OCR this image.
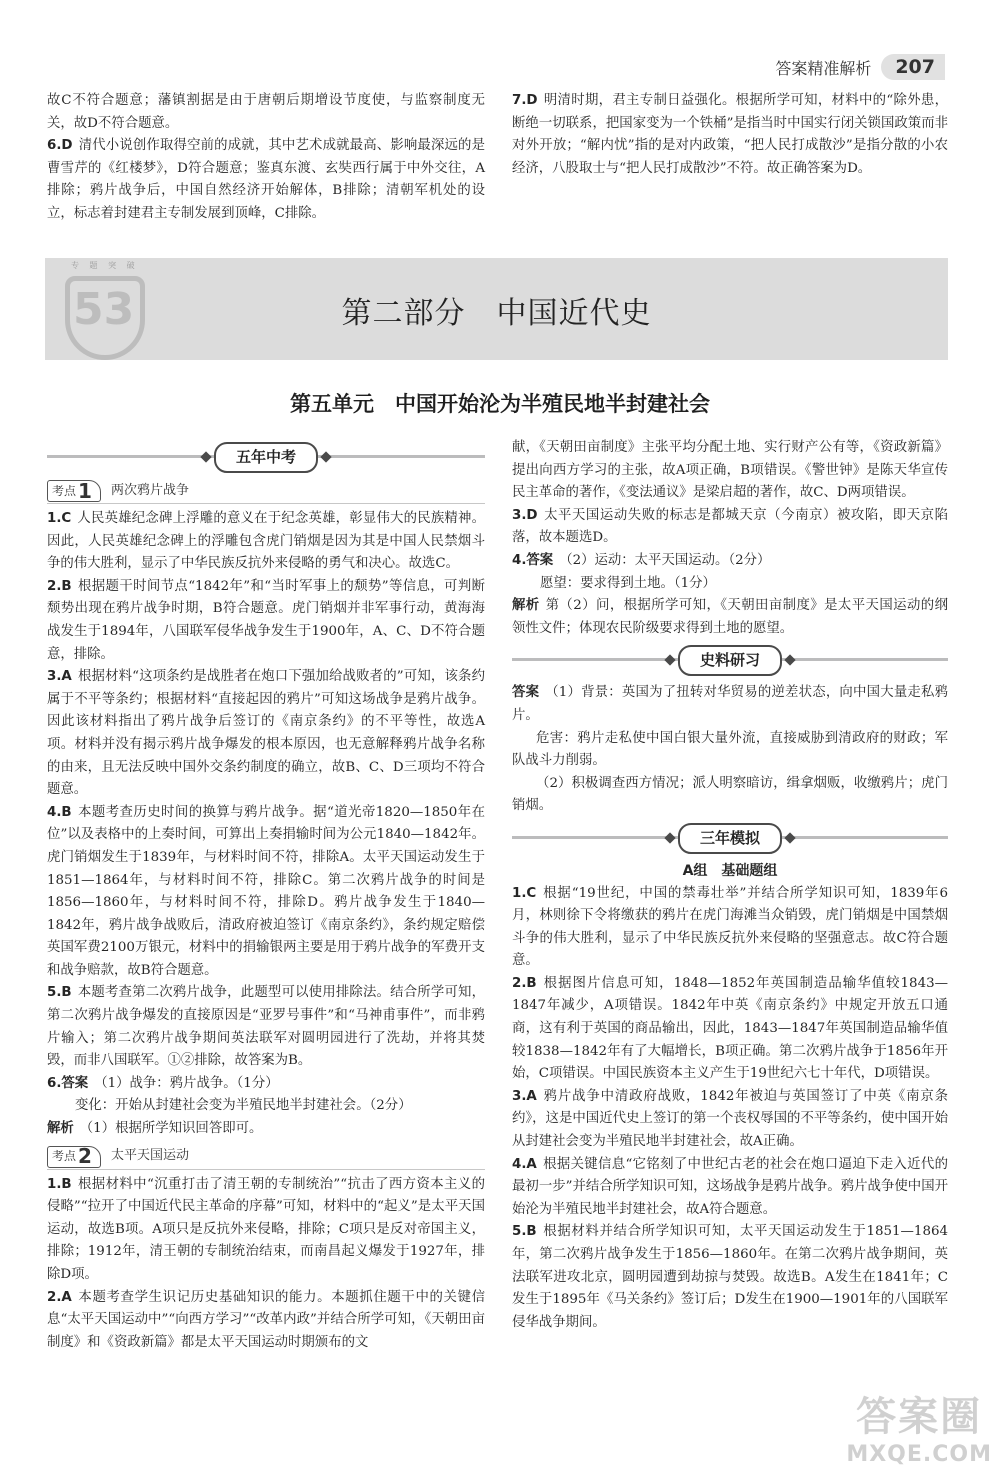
答案精准解析	207

故C不符合题意；藩镇割据是由于唐朝后期增设节度使，与监察制度无关，故D不符合题意。

6.D 清代小说创作取得空前的成就，其中艺术成就最高、影响最深远的是曹雪芹的《红楼梦》，D符合题意；鉴真东渡、玄奘西行属于中外交往，A排除；鸦片战争后，中国自然经济开始解体，B排除；清朝军机处的设立，标志着封建君主专制发展到顶峰，C排除。

7.D 明清时期，君主专制日益强化。根据所学可知，材料中的“除外患，断绝一切联系，把国家变为一个铁桶”是指当时中国实行闭关锁国政策而非对外开放；“解内忧”指的是对内政策，“把人民打成散沙”是指分散的小农经济，八股取士与“把人民打成散沙”不符。故正确答案为D。

专 题 突 破
53	第二部分　中国近代史
第五单元　中国开始沦为半殖民地半封建社会
五年中考
考点 1 两次鸦片战争

1.C 人民英雄纪念碑上浮雕的意义在于纪念英雄，彰显伟大的民族精神。因此，人民英雄纪念碑上的浮雕包含虎门销烟是因为其是中国人民禁烟斗争的伟大胜利，显示了中华民族反抗外来侵略的勇气和决心。故选C。

2.B 根据题干时间节点“1842年”和“当时军事上的颓势”等信息，可判断颓势出现在鸦片战争时期，B符合题意。虎门销烟并非军事行动，黄海海战发生于1894年，八国联军侵华战争发生于1900年，A、C、D不符合题意，排除。

3.A 根据材料“这项条约是战胜者在炮口下强加给战败者的”可知，该条约属于不平等条约；根据材料“直接起因的鸦片”可知这场战争是鸦片战争。因此该材料指出了鸦片战争后签订的《南京条约》的不平等性，故选A项。材料并没有揭示鸦片战争爆发的根本原因，也无意解释鸦片战争名称的由来，且无法反映中国外交条约制度的确立，故B、C、D三项均不符合题意。

4.B 本题考查历史时间的换算与鸦片战争。据“道光帝1820—1850年在位”以及表格中的上奏时间，可算出上奏捐输时间为公元1840—1842年。虎门销烟发生于1839年，与材料时间不符，排除A。太平天国运动发生于1851—1864年，与材料时间不符，排除C。第二次鸦片战争的时间是1856—1860年，与材料时间不符，排除D。鸦片战争发生于1840—1842年，鸦片战争战败后，清政府被迫签订《南京条约》，条约规定赔偿英国军费2100万银元，材料中的捐输银两主要是用于鸦片战争的军费开支和战争赔款，故B符合题意。

5.B 本题考查第二次鸦片战争，此题型可以使用排除法。结合所学可知，第二次鸦片战争爆发的直接原因是“亚罗号事件”和“马神甫事件”，而非鸦片输入；第二次鸦片战争期间英法联军对圆明园进行了洗劫，并将其焚毁，而非八国联军。①②排除，故答案为B。

6.答案 （1）战争：鸦片战争。（1分）

变化：开始从封建社会变为半殖民地半封建社会。（2分）

解析 （1）根据所学知识回答即可。

考点 2 太平天国运动

1.B 根据材料中“沉重打击了清王朝的专制统治”“抗击了西方资本主义的侵略”“拉开了中国近代民主革命的序幕”可知，材料中的“起义”是太平天国运动，故选B项。A项只是反抗外来侵略，排除；C项只是反对帝国主义，排除；1912年，清王朝的专制统治结束，而南昌起义爆发于1927年，排除D项。

2.A 本题考查学生识记历史基础知识的能力。本题抓住题干中的关键信息“太平天国运动中”“向西方学习”“改革内政”并结合所学可知，《天朝田亩制度》和《资政新篇》都是太平天国运动时期颁布的文

献，《天朝田亩制度》主张平均分配土地、实行财产公有等，《资政新篇》提出向西方学习的主张，故A项正确，B项错误。《警世钟》是陈天华宣传民主革命的著作，《变法通议》是梁启超的著作，故C、D两项错误。

3.D 太平天国运动失败的标志是都城天京（今南京）被攻陷，即天京陷落，故本题选D。

4.答案 （2）运动：太平天国运动。（2分）

愿望：要求得到土地。（1分）

解析 第（2）问，根据所学可知，《天朝田亩制度》是太平天国运动的纲领性文件；体现农民阶级要求得到土地的愿望。

史料研习

答案 （1）背景：英国为了扭转对华贸易的逆差状态，向中国大量走私鸦片。

危害：鸦片走私使中国白银大量外流，直接威胁到清政府的财政；军队战斗力削弱。

（2）积极调查西方情况；派人明察暗访，缉拿烟贩，收缴鸦片；虎门销烟。

三年模拟
A组　基础题组

1.C 根据“19世纪，中国的禁毒壮举”并结合所学知识可知，1839年6月，林则徐下令将缴获的鸦片在虎门海滩当众销毁，虎门销烟是中国禁烟斗争的伟大胜利，显示了中华民族反抗外来侵略的坚强意志。故C符合题意。

2.B 根据图片信息可知，1848—1852年英国制造品输华值较1843—1847年减少，A项错误。1842年中英《南京条约》中规定开放五口通商，这有利于英国的商品输出，因此，1843—1847年英国制造品输华值较1838—1842年有了大幅增长，B项正确。第二次鸦片战争于1856年开始，C项错误。中国民族资本主义产生于19世纪六七十年代，D项错误。

3.A 鸦片战争中清政府战败，1842年被迫与英国签订了中英《南京条约》，这是中国近代史上签订的第一个丧权辱国的不平等条约，使中国开始从封建社会变为半殖民地半封建社会，故A正确。

4.A 根据关键信息“它铭刻了中世纪古老的社会在炮口逼迫下走入近代的最初一步”并结合所学知识可知，这场战争是鸦片战争。鸦片战争使中国开始沦为半殖民地半封建社会，故A符合题意。

5.B 根据材料并结合所学知识可知，太平天国运动发生于1851—1864年，第二次鸦片战争发生于1856—1860年。在第二次鸦片战争期间，英法联军进攻北京，圆明园遭到劫掠与焚毁。故选B。A发生在1841年；C发生于1895年《马关条约》签订后；D发生在1900—1901年的八国联军侵华战争期间。

答案圈
MXQE.COM
